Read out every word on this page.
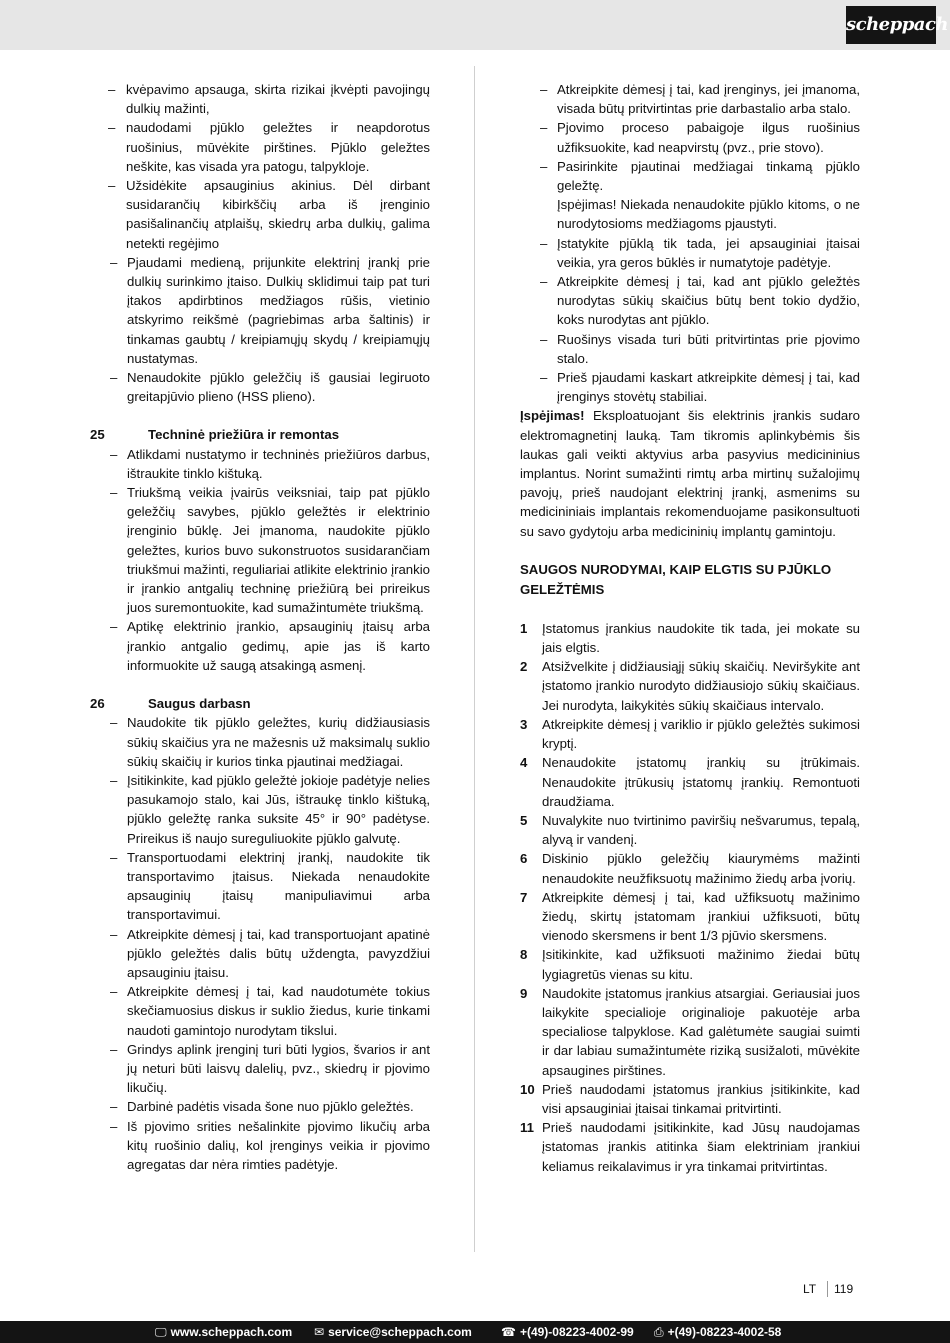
scheppach
– kvėpavimo apsauga, skirta rizikai įkvėpti pavojingų dulkių mažinti,
– naudodami pjūklo geležtes ir neapdorotus ruošinius, mūvėkite pirštines. Pjūklo geležtes neškite, kas visada yra patogu, talpykloje.
– Užsidėkite apsauginius akinius. Dėl dirbant susidarančių kibirkščių arba iš įrenginio pasišalinančių atplaišų, skiedrų arba dulkių, galima netekti regėjimo
– Pjaudami medieną, prijunkite elektrinį įrankį prie dulkių surinkimo įtaiso. Dulkių sklidimui taip pat turi įtakos apdirbtinos medžiagos rūšis, vietinio atskyrimo reikšmė (pagriebimas arba šaltinis) ir tinkamas gaubtų / kreipiamųjų skydų / kreipiamųjų nustatymas.
– Nenaudokite pjūklo geležčių iš gausiai legiruoto greitapjūvio plieno (HSS plieno).
25	Techninė priežiūra ir remontas
– Atlikdami nustatymo ir techninės priežiūros darbus, ištraukite tinklo kištuką.
– Triukšmą veikia įvairūs veiksniai, taip pat pjūklo geležčių savybes, pjūklo geležtės ir elektrinio įrenginio būklę. Jei įmanoma, naudokite pjūklo geležtes, kurios buvo sukonstruotos susidarančiam triukšmui mažinti, reguliariai atlikite elektrinio įrankio ir įrankio antgalių techninę priežiūrą bei prireikus juos suremontuokite, kad sumažintumėte triukšmą.
– Aptikę elektrinio įrankio, apsauginių įtaisų arba įrankio antgalio gedimų, apie jas iš karto informuokite už saugą atsakingą asmenį.
26	Saugus darbasn
– Naudokite tik pjūklo geležtes, kurių didžiausiasis sūkių skaičius yra ne mažesnis už maksimalų suklio sūkių skaičių ir kurios tinka pjautinai medžiagai.
– Įsitikinkite, kad pjūklo geležtė jokioje padėtyje nelies pasukamojo stalo, kai Jūs, ištraukę tinklo kištuką, pjūklo geležtę ranka suksite 45° ir 90° padėtyse. Prireikus iš naujo sureguliuokite pjūklo galvutę.
– Transportuodami elektrinį įrankį, naudokite tik transportavimo įtaisus. Niekada nenaudokite apsauginių įtaisų manipuliavimui arba transportavimui.
– Atkreipkite dėmesį į tai, kad transportuojant apatinė pjūklo geležtės dalis būtų uždengta, pavyzdžiui apsauginiu įtaisu.
– Atkreipkite dėmesį į tai, kad naudotumėte tokius skečiamuosius diskus ir suklio žiedus, kurie tinkami naudoti gamintojo nurodytam tikslui.
– Grindys aplink įrenginį turi būti lygios, švarios ir ant jų neturi būti laisvų dalelių, pvz., skiedrų ir pjovimo likučių.
– Darbinė padėtis visada šone nuo pjūklo geležtės.
– Iš pjovimo srities nešalinkite pjovimo likučių arba kitų ruošinio dalių, kol įrenginys veikia ir pjovimo agregatas dar nėra rimties padėtyje.
– Atkreipkite dėmesį į tai, kad įrenginys, jei įmanoma, visada būtų pritvirtintas prie darbastalio arba stalo.
– Pjovimo proceso pabaigoje ilgus ruošinius užfiksuokite, kad neapvirstų (pvz., prie stovo).
– Pasirinkite pjautinai medžiagai tinkamą pjūklo geležtę.
Įspėjimas! Niekada nenaudokite pjūklo kitoms, o ne nurodytosioms medžiagoms pjaustyti.
– Įstatykite pjūklą tik tada, jei apsauginiai įtaisai veikia, yra geros būklės ir numatytoje padėtyje.
– Atkreipkite dėmesį į tai, kad ant pjūklo geležtės nurodytas sūkių skaičius būtų bent tokio dydžio, koks nurodytas ant pjūklo.
– Ruošinys visada turi būti pritvirtintas prie pjovimo stalo.
– Prieš pjaudami kaskart atkreipkite dėmesį į tai, kad įrenginys stovėtų stabiliai.
Įspėjimas! Eksploatuojant šis elektrinis įrankis sudaro elektromagnetinį lauką. Tam tikromis aplinkybėmis šis laukas gali veikti aktyvius arba pasyvius medicininius implantus. Norint sumažinti rimtų arba mirtinų sužalojimų pavojų, prieš naudojant elektrinį įrankį, asmenims su medicininiais implantais rekomenduojame pasikonsultuoti su savo gydytoju arba medicininių implantų gamintoju.
SAUGOS NURODYMAI, KAIP ELGTIS SU PJŪKLO GELEŽTĖMIS
1 Įstatomus įrankius naudokite tik tada, jei mokate su jais elgtis.
2 Atsižvelkite į didžiausiąjį sūkių skaičių. Neviršykite ant įstatomo įrankio nurodyto didžiausiojo sūkių skaičiaus. Jei nurodyta, laikykitės sūkių skaičiaus intervalo.
3 Atkreipkite dėmesį į variklio ir pjūklo geležtės sukimosi kryptį.
4 Nenaudokite įstatomų įrankių su įtrūkimais. Nenaudokite įtrūkusių įstatomų įrankių. Remontuoti draudžiama.
5 Nuvalykite nuo tvirtinimo paviršių nešvarumus, tepalą, alyvą ir vandenį.
6 Diskinio pjūklo geležčių kiaurymėms mažinti nenaudokite neužfiksuotų mažinimo žiedų arba įvorių.
7 Atkreipkite dėmesį į tai, kad užfiksuotų mažinimo žiedų, skirtų įstatomam įrankiui užfiksuoti, būtų vienodo skersmens ir bent 1/3 pjūvio skersmens.
8 Įsitikinkite, kad užfiksuoti mažinimo žiedai būtų lygiagretūs vienas su kitu.
9 Naudokite įstatomus įrankius atsargiai. Geriausiai juos laikykite specialioje originalioje pakuotėje arba specialiose talpyklose. Kad galėtumėte saugiai suimti ir dar labiau sumažintumėte riziką susižaloti, mūvėkite apsaugines pirštines.
10 Prieš naudodami įstatomus įrankius įsitikinkite, kad visi apsauginiai įtaisai tinkamai pritvirtinti.
11 Prieš naudodami įsitikinkite, kad Jūsų naudojamas įstatomas įrankis atitinka šiam elektriniam įrankiui keliamus reikalavimus ir yra tinkamai pritvirtintas.
LT 119
🖵 www.scheppach.com ✉ service@scheppach.com ☎ +(49)-08223-4002-99 ⎙ +(49)-08223-4002-58
